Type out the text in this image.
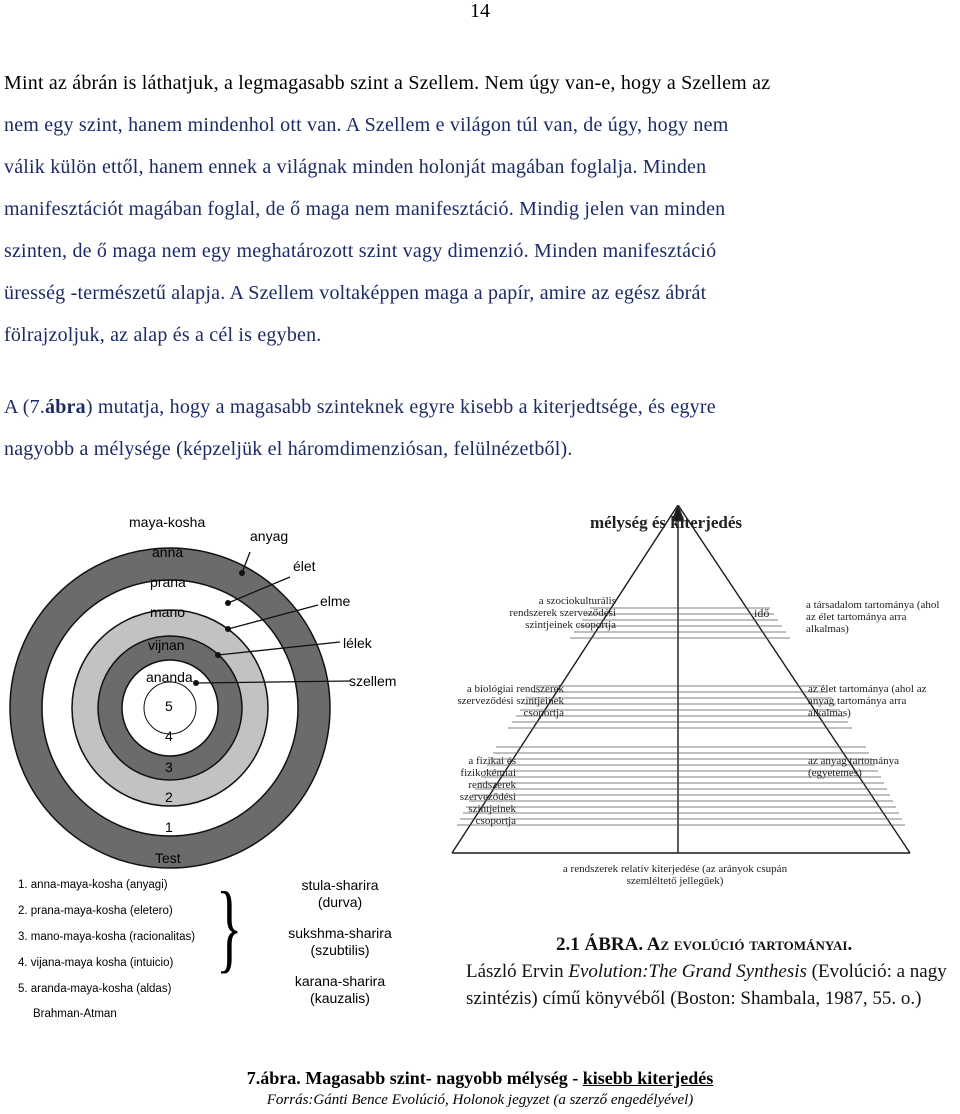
14
Mint az ábrán is láthatjuk, a legmagasabb szint a Szellem. Nem úgy van-e, hogy a Szellem az
nem egy szint, hanem mindenhol ott van. A Szellem e világon túl van, de úgy, hogy nem
válik külön ettől, hanem ennek a világnak minden holonját magában foglalja. Minden
manifesztációt magában foglal, de ő maga nem manifesztáció. Mindig jelen van minden
szinten, de ő maga nem egy meghatározott szint vagy dimenzió. Minden manifesztáció
üresség -természetű alapja. A Szellem voltaképpen maga a papír, amire az egész ábrát
fölrajzoljuk, az alap és a cél is egyben.
A (7.ábra) mutatja, hogy a magasabb szinteknek egyre kisebb a kiterjedtsége, és egyre
nagyobb a mélysége (képzeljük el háromdimenziósan, felülnézetből).
maya-kosha
anna
prana
mano
vijnan
ananda
5
4
3
2
1
anyag
élet
elme
lélek
szellem
Test
1. anna-maya-kosha (anyagi)
2. prana-maya-kosha (eletero)
3. mano-maya-kosha (racionalitas)
4. vijana-maya kosha (intuicio)
5. aranda-maya-kosha (aldas)
Brahman-Atman
}	stula-sharira
(durva)
sukshma-sharira
(szubtilis)
karana-sharira
(kauzalis)
mélység és kiterjedés
idő
a szociokulturális rendszerek szerveződési szintjeinek csoportja
a biológiai rendszerek szerveződési szintjeinek csoportja
a fizikai és fizikokémiai rendszerek szerveződési szintjeinek csoportja
a társadalom tartománya (ahol az élet tartománya arra alkalmas)
az élet tartománya (ahol az anyag tartománya arra alkalmas)
az anyag tartománya (egyetemes)
a rendszerek relatív kiterjedése (az arányok csupán szemléltető jellegűek)
2.1 ÁBRA. Az evolúció tartományai.
László Ervin Evolution:The Grand Synthesis (Evolúció: a nagy
szintézis) című könyvéből (Boston: Shambala, 1987, 55. o.)
7.ábra. Magasabb szint- nagyobb mélység - kisebb kiterjedés
Forrás:Gánti Bence Evolúció, Holonok jegyzet (a szerző engedélyével)
